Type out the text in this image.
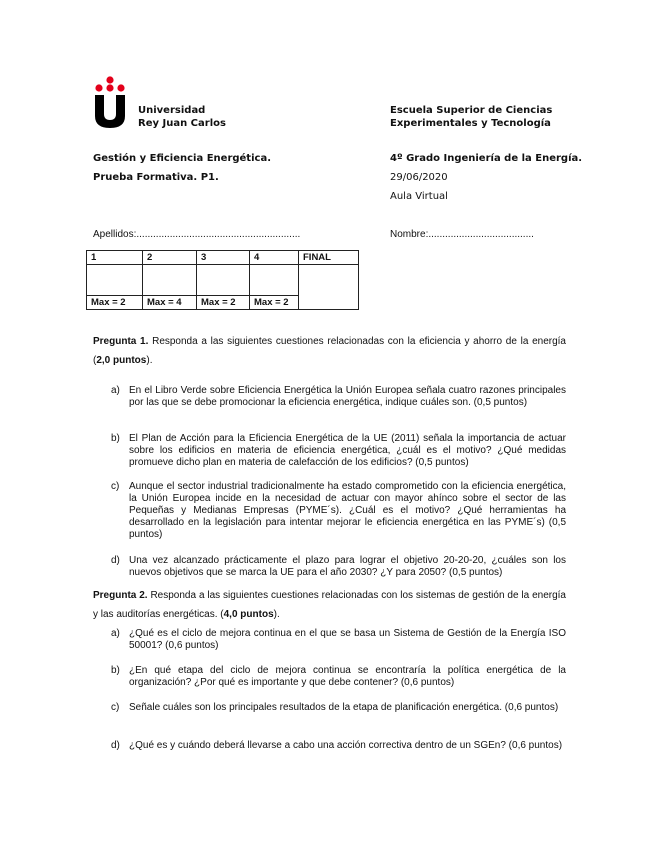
Universidad
Rey Juan Carlos
Escuela Superior de Ciencias
Experimentales y Tecnología
Gestión y Eficiencia Energética.	4º Grado Ingeniería de la Energía.
Prueba Formativa. P1.	29/06/2020
Aula Virtual
Apellidos:...........................................................	Nombre:......................................
1	2	3	4	FINAL

Max = 2	Max = 4	Max = 2	Max = 2	
Pregunta 1. Responda a las siguientes cuestiones relacionadas con la eficiencia y ahorro de la energía (2,0 puntos).
a) En el Libro Verde sobre Eficiencia Energética la Unión Europea señala cuatro razones principales por las que se debe promocionar la eficiencia energética, indique cuáles son. (0,5 puntos)
b) El Plan de Acción para la Eficiencia Energética de la UE (2011) señala la importancia de actuar sobre los edificios en materia de eficiencia energética, ¿cuál es el motivo? ¿Qué medidas promueve dicho plan en materia de calefacción de los edificios? (0,5 puntos)
c) Aunque el sector industrial tradicionalmente ha estado comprometido con la eficiencia energética, la Unión Europea incide en la necesidad de actuar con mayor ahínco sobre el sector de las Pequeñas y Medianas Empresas (PYME´s). ¿Cuál es el motivo? ¿Qué herramientas ha desarrollado en la legislación para intentar mejorar le eficiencia energética en las PYME´s) (0,5 puntos)
d) Una vez alcanzado prácticamente el plazo para lograr el objetivo 20-20-20, ¿cuáles son los nuevos objetivos que se marca la UE para el año 2030? ¿Y para 2050? (0,5 puntos)
Pregunta 2. Responda a las siguientes cuestiones relacionadas con los sistemas de gestión de la energía y las auditorías energéticas. (4,0 puntos).
a) ¿Qué es el ciclo de mejora continua en el que se basa un Sistema de Gestión de la Energía ISO 50001? (0,6 puntos)
b) ¿En qué etapa del ciclo de mejora continua se encontraría la política energética de la organización? ¿Por qué es importante y que debe contener? (0,6 puntos)
c) Señale cuáles son los principales resultados de la etapa de planificación energética. (0,6 puntos)
d) ¿Qué es y cuándo deberá llevarse a cabo una acción correctiva dentro de un SGEn? (0,6 puntos)
